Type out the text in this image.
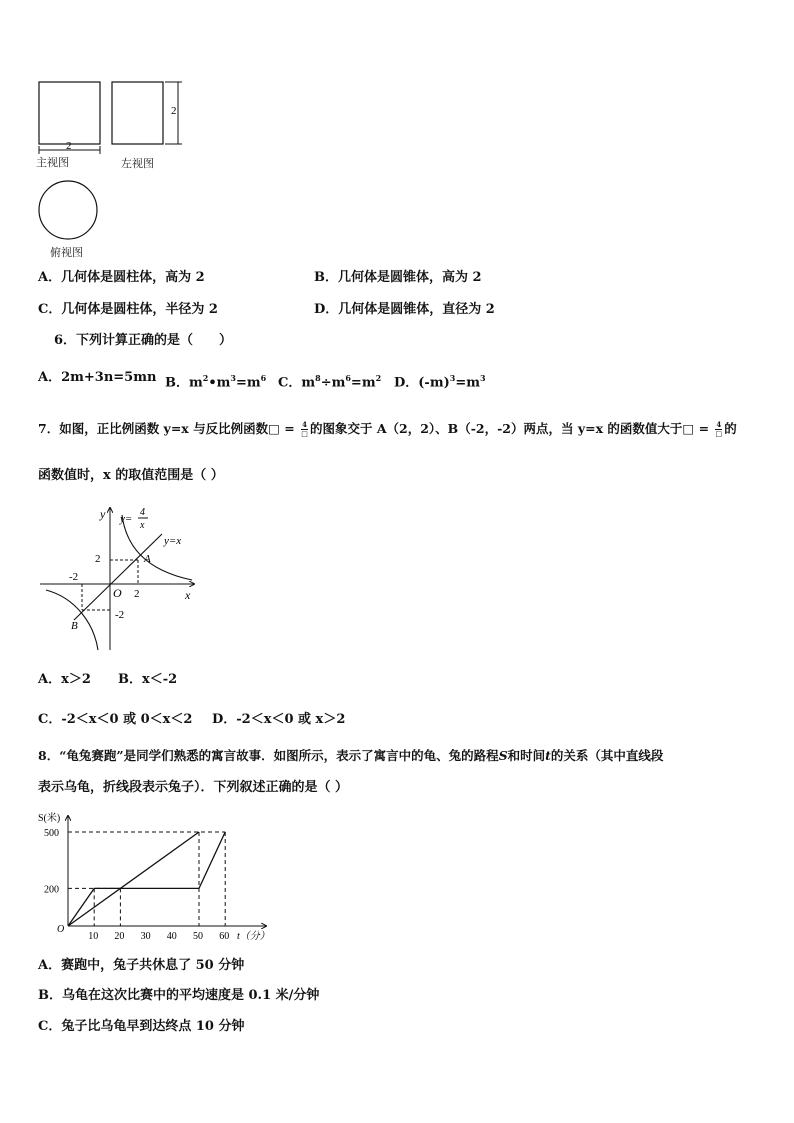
2
2
主视图	左视图
俯视图
A．几何体是圆柱体，高为 2	B．几何体是圆锥体，高为 2
C．几何体是圆柱体，半径为 2	D．几何体是圆锥体，直径为 2
6．下列计算正确的是（　　）
A．2m+3n=5mn B．$m^2•m^3=m^6$ C．$m^8\div m^6=m^2$ D．$(-m)^3=m^3$
7．如图，正比例函数 y=x 与反比例函数□ = $\frac{4}{□}$ 的图象交于 A（2，2）、B（-2，-2）两点，当 y=x 的函数值大于□ = $\frac{4}{□}$ 的
函数值时，x 的取值范围是（ ）
y
x
O
y=
4
x
y=x
A
B
2
2
-2
-2
A．x＞2 B．x＜-2
C．-2＜x＜0 或 0＜x＜2 D．-2＜x＜0 或 x＞2
8．“龟兔赛跑”是同学们熟悉的寓言故事．如图所示，表示了寓言中的龟、兔的路程S和时间t的关系（其中直线段
表示乌龟，折线段表示兔子）．下列叙述正确的是（ ）
S(米)
t（分）
O
10 20 30 40 50 60
200
500
A．赛跑中，兔子共休息了 50 分钟
B．乌龟在这次比赛中的平均速度是 0.1 米/分钟
C．兔子比乌龟早到达终点 10 分钟
